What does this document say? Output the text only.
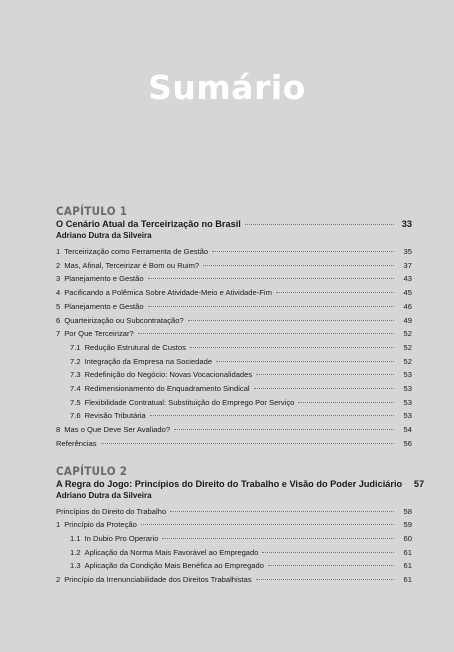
Sumário
CAPÍTULO 1
O Cenário Atual da Terceirização no Brasil	33
Adriano Dutra da Silveira
1 Terceirização como Ferramenta de Gestão	35
2 Mas, Afinal, Terceirizar é Bom ou Ruim?	37
3 Planejamento e Gestão	43
4 Pacificando a Polêmica Sobre Atividade-Meio e Atividade-Fim	45
5 Planejamento e Gestão	46
6 Quarteirização ou Subcontratação?	49
7 Por Que Terceirizar?	52
7.1 Redução Estrutural de Custos	52
7.2 Integração da Empresa na Sociedade	52
7.3 Redefinição do Negócio: Novas Vocacionalidades	53
7.4 Redimensionamento do Enquadramento Sindical	53
7.5 Flexibilidade Contratual: Substituição do Emprego Por Serviço	53
7.6 Revisão Tributária	53
8 Mas o Que Deve Ser Avaliado?	54
Referências	56
CAPÍTULO 2
A Regra do Jogo: Princípios do Direito do Trabalho e Visão do Poder Judiciário	57
Adriano Dutra da Silveira
Princípios do Direito do Trabalho	58
1 Princípio da Proteção	59
1.1 In Dubio Pro Operario	60
1.2 Aplicação da Norma Mais Favorável ao Empregado	61
1.3 Aplicação da Condição Mais Benéfica ao Empregado	61
2 Princípio da Irrenunciabilidade dos Direitos Trabalhistas	61
